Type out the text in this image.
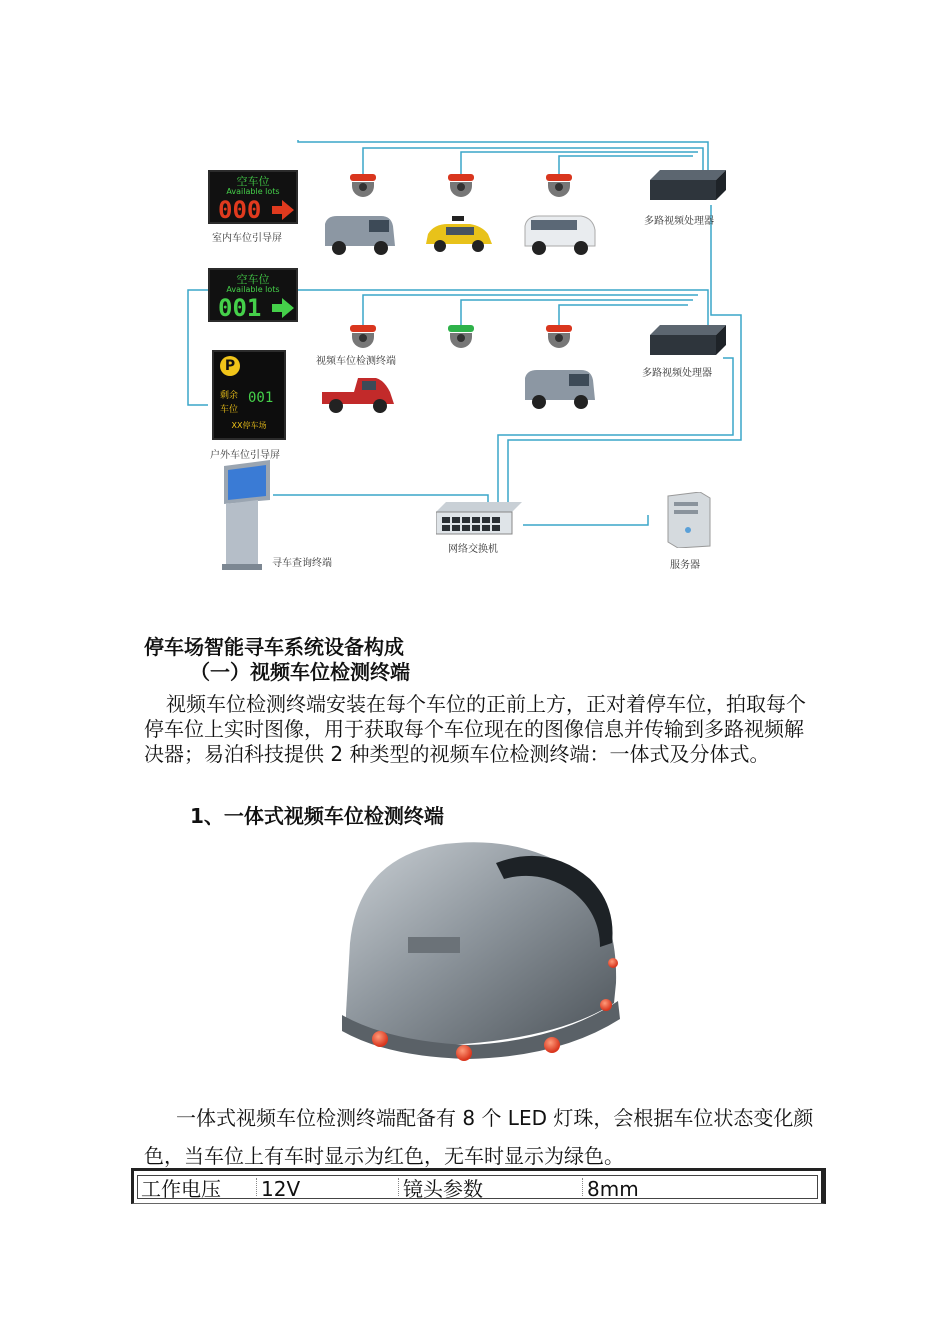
空车位
Available lots
000
室内车位引导屏
空车位
Available lots
001
P
剩余
车位
001
XX停车场
户外车位引导屏
多路视频处理器
视频车位检测终端
多路视频处理器
寻车查询终端
网络交换机
服务器
停车场智能寻车系统设备构成
（一）视频车位检测终端
视频车位检测终端安装在每个车位的正前上方，正对着停车位，拍取每个停车位上实时图像，用于获取每个车位现在的图像信息并传输到多路视频解决器；易泊科技提供 2 种类型的视频车位检测终端：一体式及分体式。
1、一体式视频车位检测终端
一体式视频车位检测终端配备有 8 个 LED 灯珠，会根据车位状态变化颜色，当车位上有车时显示为红色，无车时显示为绿色。
工作电压	12V	镜头参数	8mm
